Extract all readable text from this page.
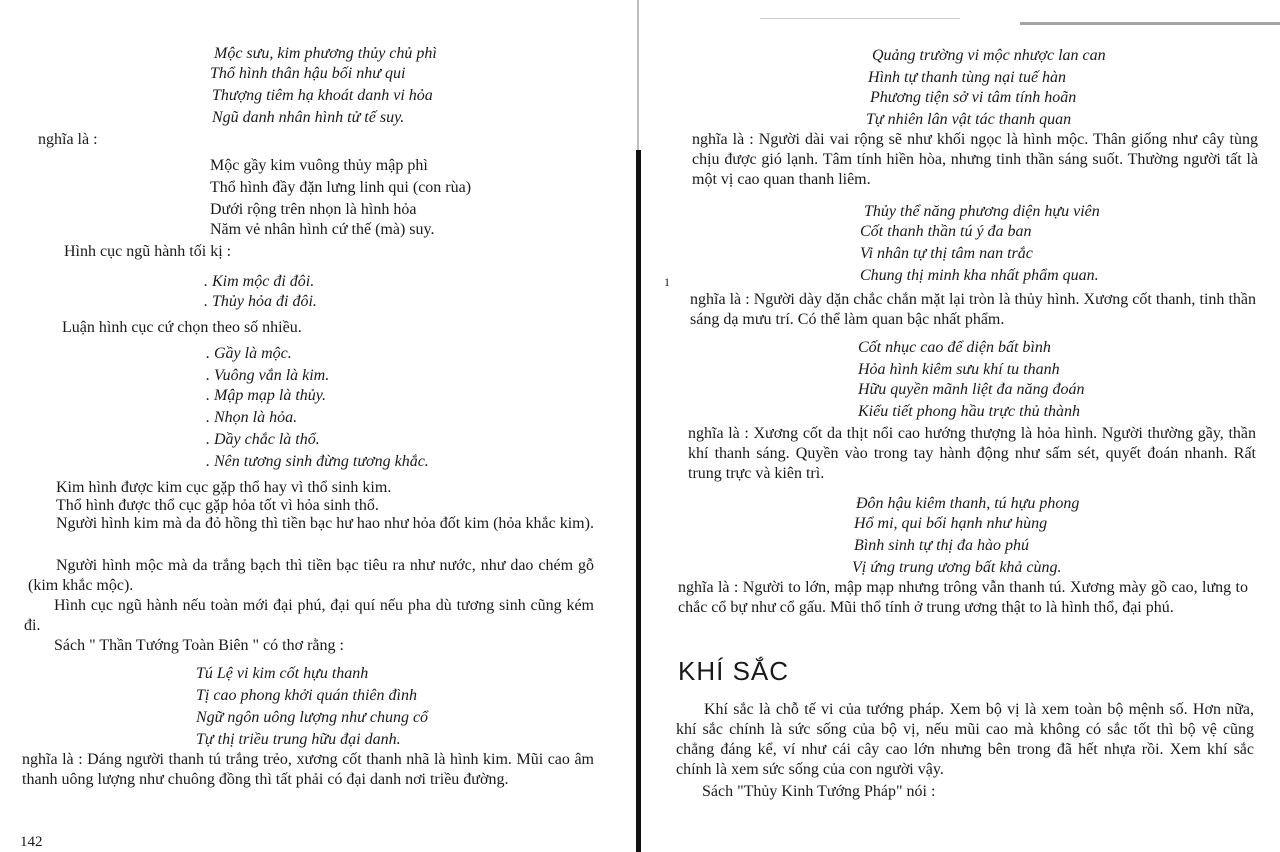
Mộc sưu, kim phương thủy chủ phì
Thổ hình thân hậu bối như qui
Thượng tiêm hạ khoát danh vi hỏa
Ngũ danh nhân hình tử tế suy.
nghĩa là :
Mộc gầy kim vuông thủy mập phì
Thổ hình đầy đặn lưng linh qui (con rùa)
Dưới rộng trên nhọn là hình hỏa
Năm vẻ nhân hình cứ thế (mà) suy.
Hình cục ngũ hành tối kị :
. Kim mộc đi đôi.
. Thủy hỏa đi đôi.
Luận hình cục cứ chọn theo số nhiều.
. Gầy là mộc.
. Vuông vắn là kim.
. Mập mạp là thủy.
. Nhọn là hỏa.
. Dầy chắc là thổ.
. Nên tương sinh đừng tương khắc.
Kim hình được kim cục gặp thổ hay vì thổ sinh kim.
Thổ hình được thổ cục gặp hỏa tốt vì hỏa sinh thổ.
Người hình kim mà da đỏ hồng thì tiền bạc hư hao như hỏa đốt kim (hỏa khắc kim).
Người hình mộc mà da trắng bạch thì tiền bạc tiêu ra như nước, như dao chém gỗ (kim khắc mộc).
Hình cục ngũ hành nếu toàn mới đại phú, đại quí nếu pha dù tương sinh cũng kém đi.
Sách " Thần Tướng Toàn Biên " có thơ rằng :
Tú Lệ vi kim cốt hựu thanh
Tị cao phong khởi quán thiên đình
Ngữ ngôn uông lượng như chung cổ
Tự thị triều trung hữu đại danh.
nghĩa là : Dáng người thanh tú trắng trẻo, xương cốt thanh nhã là hình kim. Mũi cao âm thanh uông lượng như chuông đồng thì tất phải có đại danh nơi triều đường.
142
Quảng trường vi mộc nhược lan can
Hình tự thanh tùng nại tuế hàn
Phương tiện sở vi tâm tính hoãn
Tự nhiên lân vật tác thanh quan
nghĩa là : Người dài vai rộng sẽ như khối ngọc là hình mộc. Thân giống như cây tùng chịu được gió lạnh. Tâm tính hiền hòa, nhưng tinh thần sáng suốt. Thường người tất là một vị cao quan thanh liêm.
Thủy thể năng phương diện hựu viên
Cốt thanh thần tú ý đa ban
Vi nhân tự thị tâm nan trắc
Chung thị minh kha nhất phẩm quan.
nghĩa là : Người dày dặn chắc chắn mặt lại tròn là thủy hình. Xương cốt thanh, tinh thần sáng dạ mưu trí. Có thể làm quan bậc nhất phẩm.
Cốt nhục cao để diện bất bình
Hỏa hình kiêm sưu khí tu thanh
Hữu quyền mãnh liệt đa năng đoán
Kiểu tiết phong hầu trực thủ thành
nghĩa là : Xương cốt da thịt nổi cao hướng thượng là hỏa hình. Người thường gầy, thần khí thanh sáng. Quyền vào trong tay hành động như sấm sét, quyết đoán nhanh. Rất trung trực và kiên trì.
Đôn hậu kiêm thanh, tú hựu phong
Hổ mi, qui bối hạnh như hùng
Bình sinh tự thị đa hào phú
Vị ứng trung ương bất khả cùng.
nghĩa là : Người to lớn, mập mạp nhưng trông vẫn thanh tú. Xương mày gồ cao, lưng to chắc cổ bự như cổ gấu. Mũi thổ tính ở trung ương thật to là hình thổ, đại phú.
Khí sắc là chỗ tế vi của tướng pháp. Xem bộ vị là xem toàn bộ mệnh số. Hơn nữa, khí sắc chính là sức sống của bộ vị, nếu mũi cao mà không có sắc tốt thì bộ vệ cũng chẳng đáng kể, ví như cái cây cao lớn nhưng bên trong đã hết nhựa rồi. Xem khí sắc chính là xem sức sống của con người vậy.
Sách "Thủy Kinh Tướng Pháp" nói :
1
KHÍ SẮC
